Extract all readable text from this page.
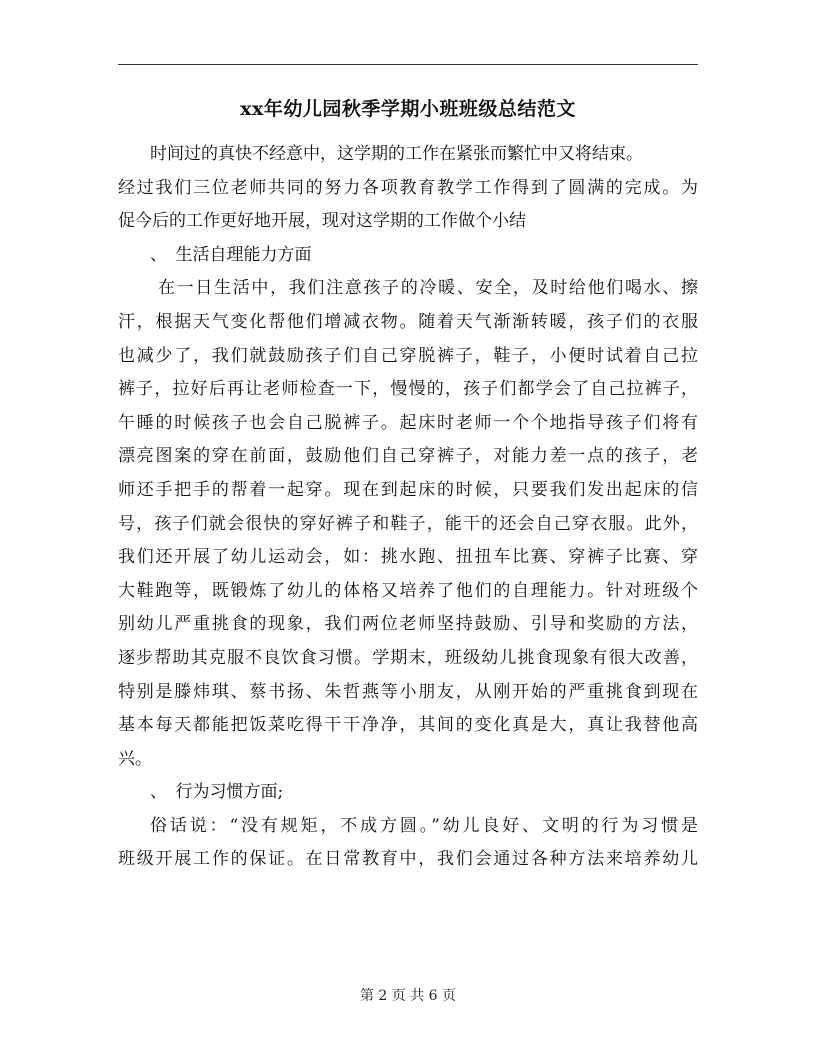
xx年幼儿园秋季学期小班班级总结范文
时间过的真快不经意中，这学期的工作在紧张而繁忙中又将结束。
经过我们三位老师共同的努力各项教育教学工作得到了圆满的完成。为
促今后的工作更好地开展，现对这学期的工作做个小结
、　生活自理能力方面
在一日生活中，我们注意孩子的冷暖、安全，及时给他们喝水、擦
汗，根据天气变化帮他们增减衣物。随着天气渐渐转暖，孩子们的衣服
也减少了，我们就鼓励孩子们自己穿脱裤子，鞋子，小便时试着自己拉
裤子，拉好后再让老师检查一下，慢慢的，孩子们都学会了自己拉裤子，
午睡的时候孩子也会自己脱裤子。起床时老师一个个地指导孩子们将有
漂亮图案的穿在前面，鼓励他们自己穿裤子，对能力差一点的孩子，老
师还手把手的帮着一起穿。现在到起床的时候，只要我们发出起床的信
号，孩子们就会很快的穿好裤子和鞋子，能干的还会自己穿衣服。此外，
我们还开展了幼儿运动会，如：挑水跑、扭扭车比赛、穿裤子比赛、穿
大鞋跑等，既锻炼了幼儿的体格又培养了他们的自理能力。针对班级个
别幼儿严重挑食的现象，我们两位老师坚持鼓励、引导和奖励的方法，
逐步帮助其克服不良饮食习惯。学期末，班级幼儿挑食现象有很大改善，
特别是滕炜琪、蔡书扬、朱哲燕等小朋友，从刚开始的严重挑食到现在
基本每天都能把饭菜吃得干干净净，其间的变化真是大，真让我替他高
兴。
、　行为习惯方面;
俗话说：“没有规矩，不成方圆。”幼儿良好、文明的行为习惯是
班级开展工作的保证。在日常教育中，我们会通过各种方法来培养幼儿
第 2 页 共 6 页
